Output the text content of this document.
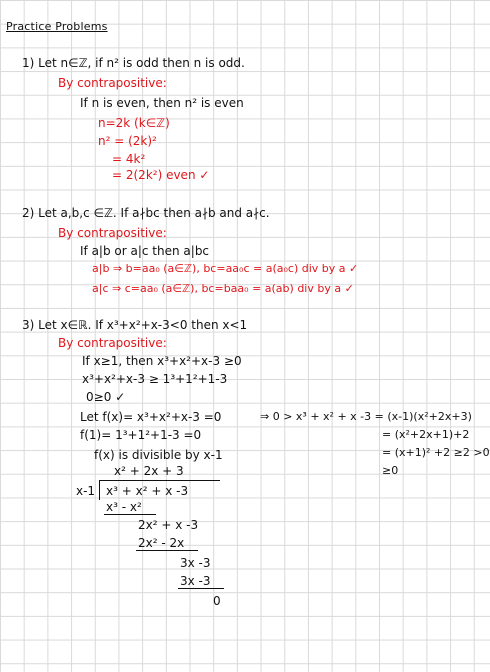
Practice Problems
1) Let n∈ℤ, if n² is odd then n is odd.
By contrapositive:
If n is even, then n² is even
n=2k (k∈ℤ)
n² = (2k)²
= 4k²
= 2(2k²) even ✓
2) Let a,b,c ∈ℤ. If a∤bc then a∤b and a∤c.
By contrapositive:
If a|b or a|c then a|bc
a|b ⇒ b=aa₀ (a∈ℤ), bc=aa₀c = a(a₀c) div by a ✓
a|c ⇒ c=aa₀ (a∈ℤ), bc=baa₀ = a(ab) div by a ✓
3) Let x∈ℝ. If x³+x²+x-3<0 then x<1
By contrapositive:
If x≥1, then x³+x²+x-3 ≥0
x³+x²+x-3 ≥ 1³+1²+1-3
0≥0 ✓
Let f(x)= x³+x²+x-3 =0
f(1)= 1³+1²+1-3 =0
f(x) is divisible by x-1
x² + 2x + 3
x-1 x³ + x² + x -3
x³ - x²
2x² + x -3
2x² - 2x
3x -3
3x -3
0
⇒ 0 > x³ + x² + x -3 = (x-1)(x²+2x+3)
= (x²+2x+1)+2
= (x+1)² +2 ≥2 >0
≥0
